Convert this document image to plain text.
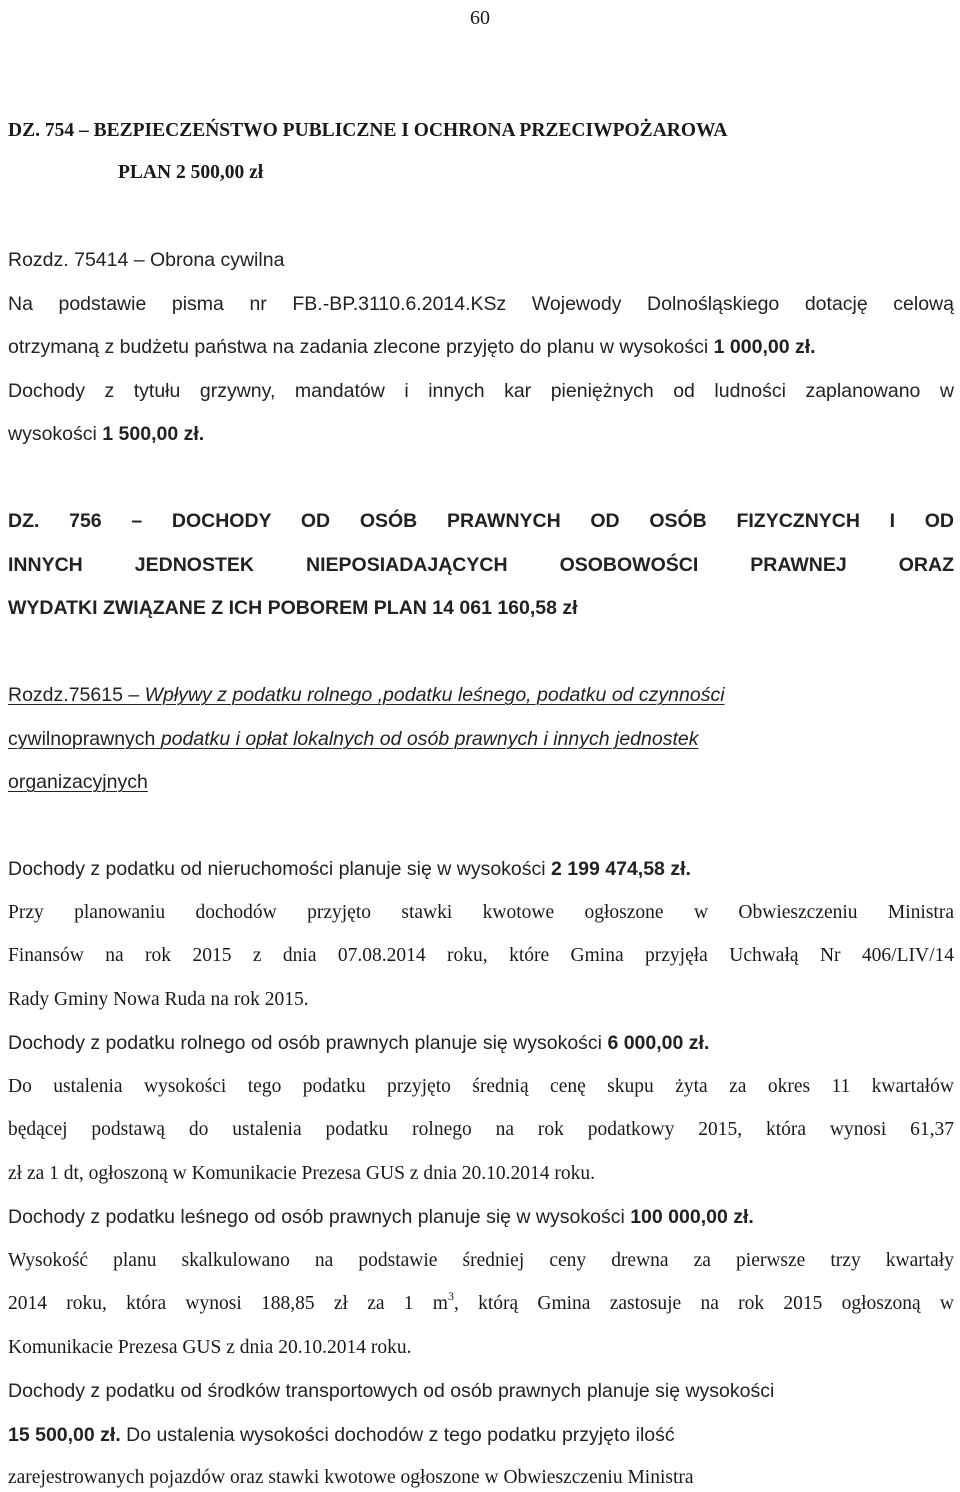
60
DZ. 754 – BEZPIECZEŃSTWO PUBLICZNE I OCHRONA PRZECIWPOŻAROWA
PLAN 2 500,00 zł
Rozdz. 75414 – Obrona cywilna
Na podstawie pisma nr FB.-BP.3110.6.2014.KSz Wojewody Dolnośląskiego dotację celową
otrzymaną z budżetu państwa na zadania zlecone przyjęto do planu w wysokości 1 000,00 zł.
Dochody z tytułu grzywny, mandatów i innych kar pieniężnych od ludności zaplanowano w
wysokości 1 500,00 zł.
DZ. 756 – DOCHODY OD OSÓB PRAWNYCH OD OSÓB FIZYCZNYCH I OD
INNYCH JEDNOSTEK NIEPOSIADAJĄCYCH OSOBOWOŚCI PRAWNEJ ORAZ
WYDATKI ZWIĄZANE Z ICH POBOREM PLAN 14 061 160,58 zł
Rozdz.75615 – Wpływy z podatku rolnego ,podatku leśnego, podatku od czynności
cywilnoprawnych podatku i opłat lokalnych od osób prawnych i innych jednostek
organizacyjnych
Dochody z podatku od nieruchomości planuje się w wysokości 2 199 474,58 zł.
Przy planowaniu dochodów przyjęto stawki kwotowe ogłoszone w Obwieszczeniu Ministra
Finansów na rok 2015 z dnia 07.08.2014 roku, które Gmina przyjęła Uchwałą Nr 406/LIV/14
Rady Gminy Nowa Ruda na rok 2015.
Dochody z podatku rolnego od osób prawnych planuje się wysokości 6 000,00 zł.
Do ustalenia wysokości tego podatku przyjęto średnią cenę skupu żyta za okres 11 kwartałów
będącej podstawą do ustalenia podatku rolnego na rok podatkowy 2015, która wynosi 61,37
zł za 1 dt, ogłoszoną w Komunikacie Prezesa GUS z dnia 20.10.2014 roku.
Dochody z podatku leśnego od osób prawnych planuje się w wysokości 100 000,00 zł.
Wysokość planu skalkulowano na podstawie średniej ceny drewna za pierwsze trzy kwartały
2014 roku, która wynosi 188,85 zł za 1 $m^3$, którą Gmina zastosuje na rok 2015 ogłoszoną w
Komunikacie Prezesa GUS z dnia 20.10.2014 roku.
Dochody z podatku od środków transportowych od osób prawnych planuje się wysokości
15 500,00 zł. Do ustalenia wysokości dochodów z tego podatku przyjęto ilość
zarejestrowanych pojazdów oraz stawki kwotowe ogłoszone w Obwieszczeniu Ministra
